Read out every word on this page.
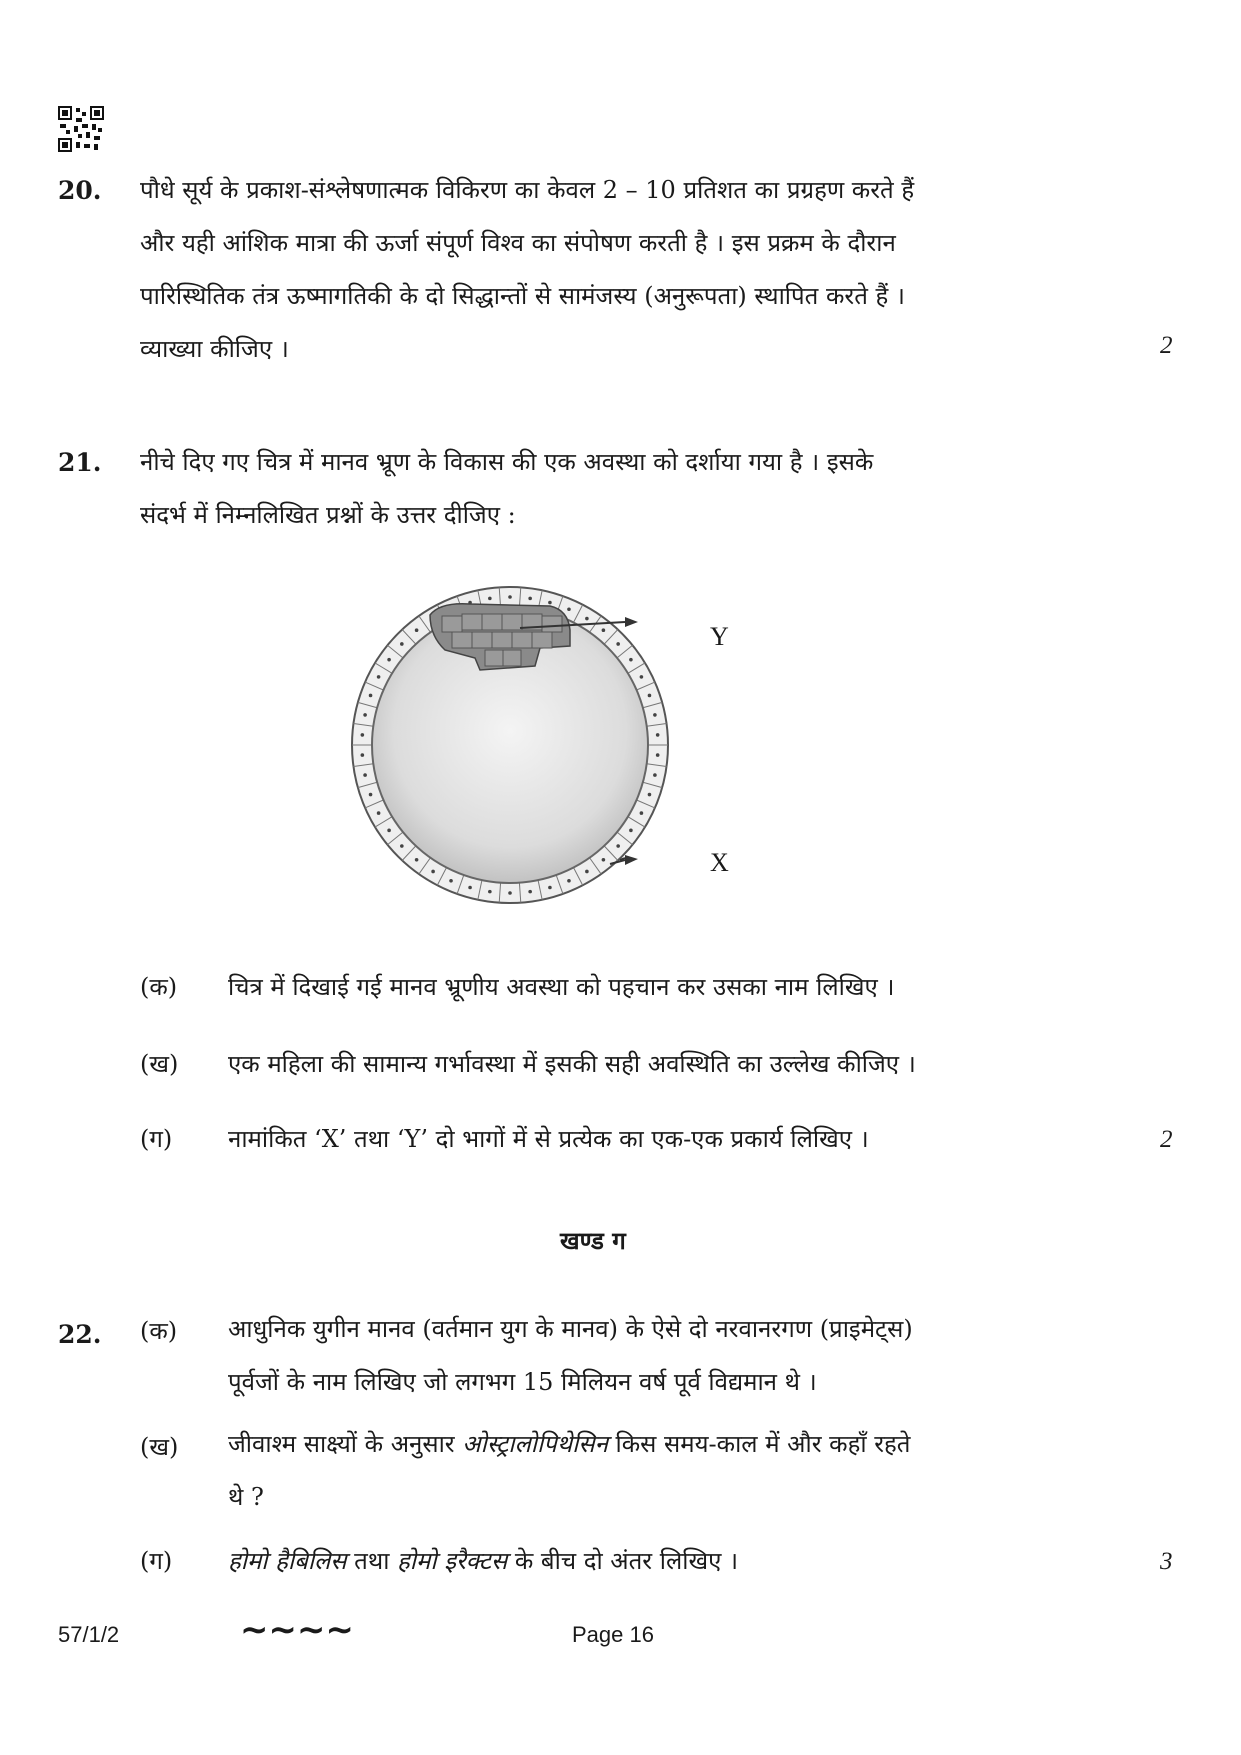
20. पौधे सूर्य के प्रकाश-संश्लेषणात्मक विकिरण का केवल 2 – 10 प्रतिशत का प्रग्रहण करते हैं
और यही आंशिक मात्रा की ऊर्जा संपूर्ण विश्व का संपोषण करती है । इस प्रक्रम के दौरान
पारिस्थितिक तंत्र ऊष्मागतिकी के दो सिद्धान्तों से सामंजस्य (अनुरूपता) स्थापित करते हैं ।
व्याख्या कीजिए ।	2
21. नीचे दिए गए चित्र में मानव भ्रूण के विकास की एक अवस्था को दर्शाया गया है । इसके
संदर्भ में निम्नलिखित प्रश्नों के उत्तर दीजिए :
Y
X
(क) चित्र में दिखाई गई मानव भ्रूणीय अवस्था को पहचान कर उसका नाम लिखिए ।
(ख) एक महिला की सामान्य गर्भावस्था में इसकी सही अवस्थिति का उल्लेख कीजिए ।
(ग) नामांकित ‘X’ तथा ‘Y’ दो भागों में से प्रत्येक का एक-एक प्रकार्य लिखिए ।	2
खण्ड ग
22. (क) आधुनिक युगीन मानव (वर्तमान युग के मानव) के ऐसे दो नरवानरगण (प्राइमेट्स)
पूर्वजों के नाम लिखिए जो लगभग 15 मिलियन वर्ष पूर्व विद्यमान थे ।
(ख) जीवाश्म साक्ष्यों के अनुसार ओस्ट्रालोपिथेसिन किस समय-काल में और कहाँ रहते
थे ?
(ग) होमो हैबिलिस तथा होमो इरैक्टस के बीच दो अंतर लिखिए ।	3
57/1/2	∼∼∼∼	Page 16
